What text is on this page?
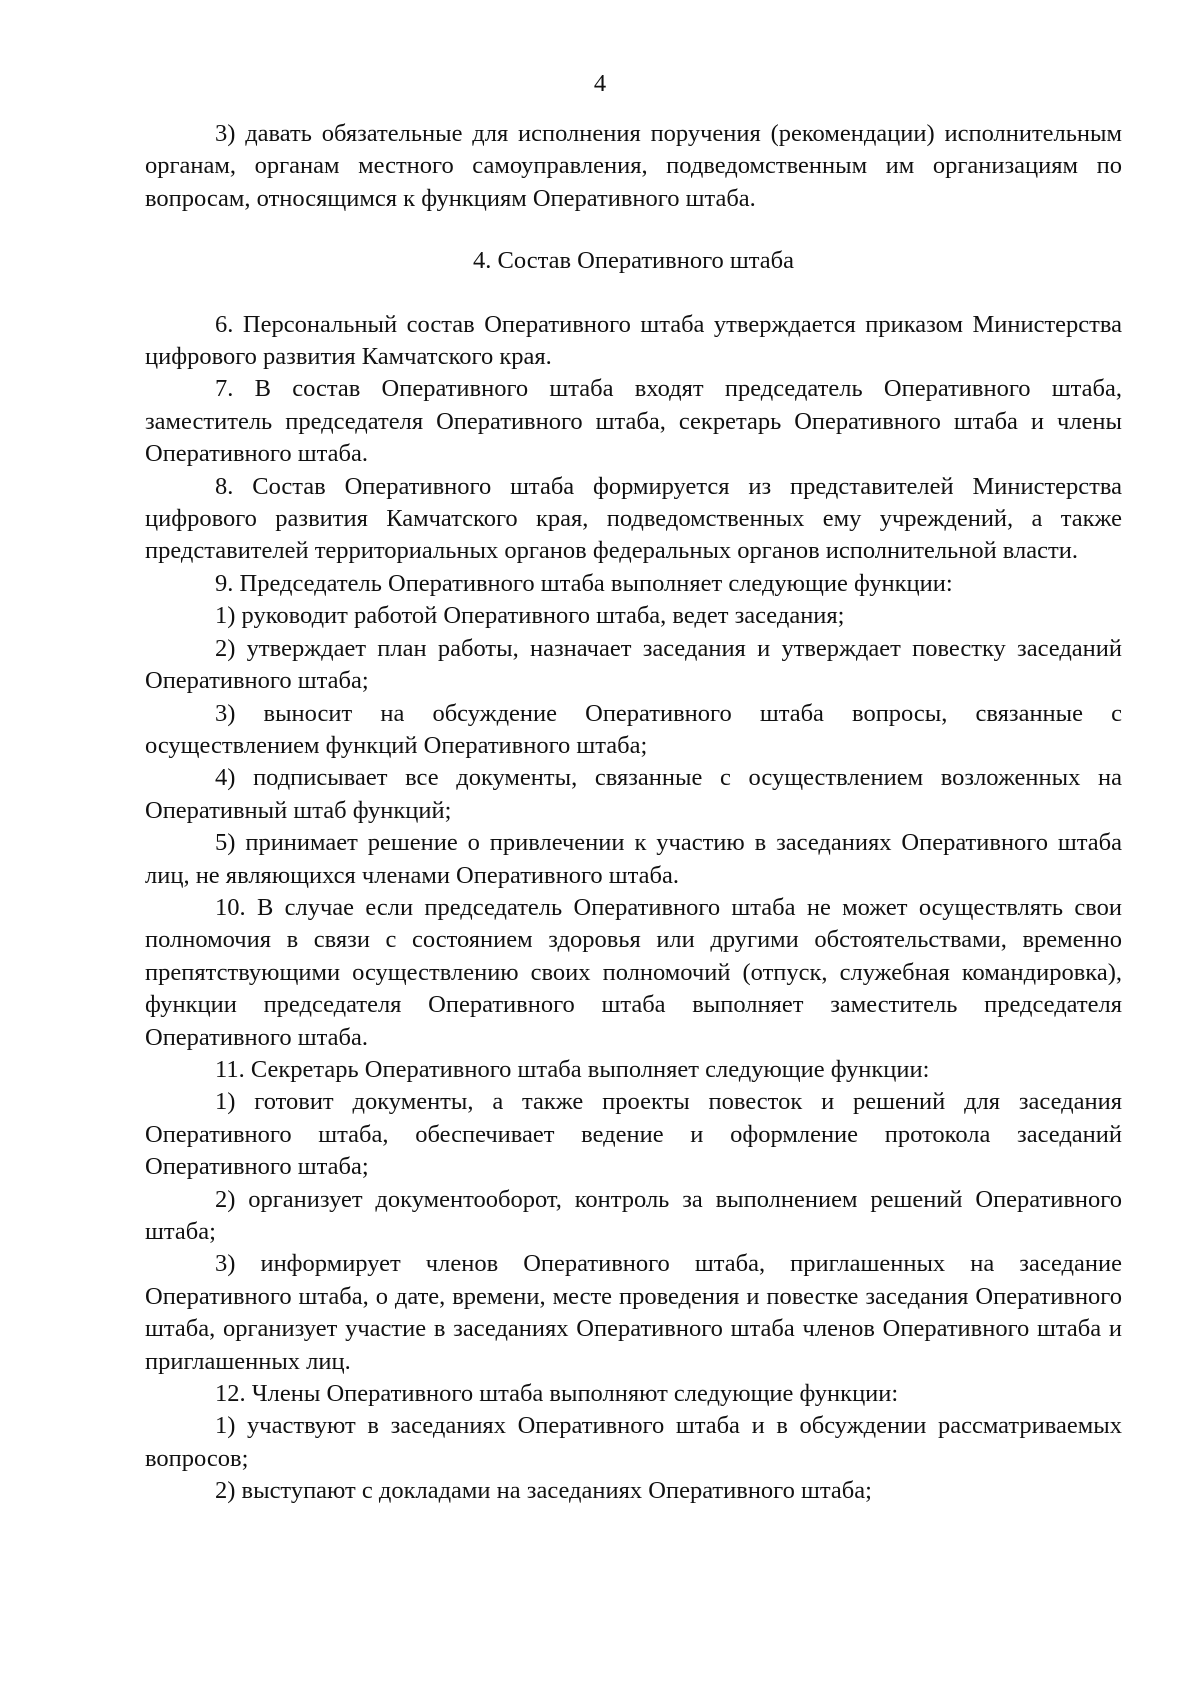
4

3) давать обязательные для исполнения поручения (рекомендации) исполнительным органам, органам местного самоуправления, подведомственным им организациям по вопросам, относящимся к функциям Оперативного штаба.

4. Состав Оперативного штаба

6. Персональный состав Оперативного штаба утверждается приказом Министерства цифрового развития Камчатского края.

7. В состав Оперативного штаба входят председатель Оперативного штаба, заместитель председателя Оперативного штаба, секретарь Оперативного штаба и члены Оперативного штаба.

8. Состав Оперативного штаба формируется из представителей Министерства цифрового развития Камчатского края, подведомственных ему учреждений, а также представителей территориальных органов федеральных органов исполнительной власти.

9. Председатель Оперативного штаба выполняет следующие функции:

1) руководит работой Оперативного штаба, ведет заседания;

2) утверждает план работы, назначает заседания и утверждает повестку заседаний Оперативного штаба;

3) выносит на обсуждение Оперативного штаба вопросы, связанные с осуществлением функций Оперативного штаба;

4) подписывает все документы, связанные с осуществлением возложенных на Оперативный штаб функций;

5) принимает решение о привлечении к участию в заседаниях Оперативного штаба лиц, не являющихся членами Оперативного штаба.

10. В случае если председатель Оперативного штаба не может осуществлять свои полномочия в связи с состоянием здоровья или другими обстоятельствами, временно препятствующими осуществлению своих полномочий (отпуск, служебная командировка), функции председателя Оперативного штаба выполняет заместитель председателя Оперативного штаба.

11. Секретарь Оперативного штаба выполняет следующие функции:

1) готовит документы, а также проекты повесток и решений для заседания Оперативного штаба, обеспечивает ведение и оформление протокола заседаний Оперативного штаба;

2) организует документооборот, контроль за выполнением решений Оперативного штаба;

3) информирует членов Оперативного штаба, приглашенных на заседание Оперативного штаба, о дате, времени, месте проведения и повестке заседания Оперативного штаба, организует участие в заседаниях Оперативного штаба членов Оперативного штаба и приглашенных лиц.

12. Члены Оперативного штаба выполняют следующие функции:

1) участвуют в заседаниях Оперативного штаба и в обсуждении рассматриваемых вопросов;

2) выступают с докладами на заседаниях Оперативного штаба;
